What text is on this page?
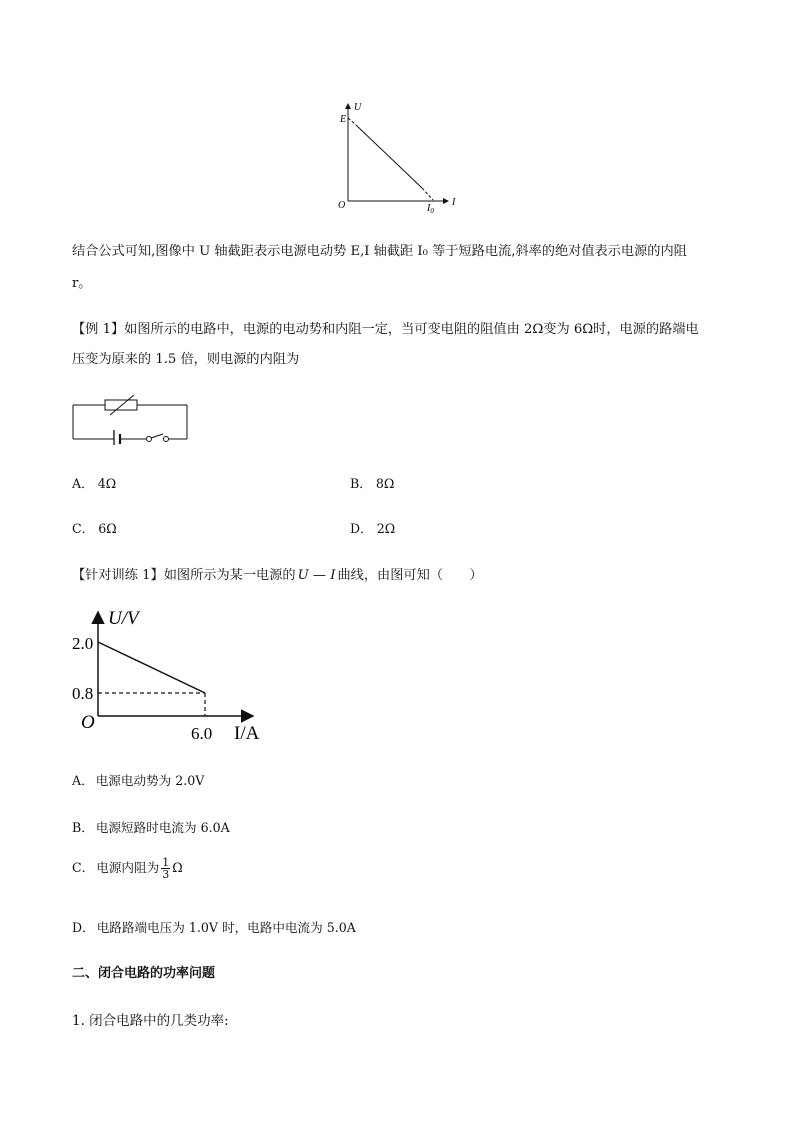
U
E
O	$I_0$
I
结合公式可知,图像中 U 轴截距表示电源电动势 E,I 轴截距 I₀ 等于短路电流,斜率的绝对值表示电源的内阻
r。
【例 1】如图所示的电路中，电源的电动势和内阻一定，当可变电阻的阻值由 2Ω变为 6Ω时，电源的路端电
压变为原来的 1.5 倍，则电源的内阻为
A． 4Ω	B． 8Ω
C． 6Ω	D． 2Ω
【针对训练 1】如图所示为某一电源的 U — I 曲线，由图可知（　　）
U/V
2.0
0.8
O
6.0 I/A
A． 电源电动势为 2.0V
B． 电源短路时电流为 6.0A
C． 电源内阻为 $\frac{1}{3}$ Ω
D． 电路路端电压为 1.0V 时，电路中电流为 5.0A
二、闭合电路的功率问题
1. 闭合电路中的几类功率:
